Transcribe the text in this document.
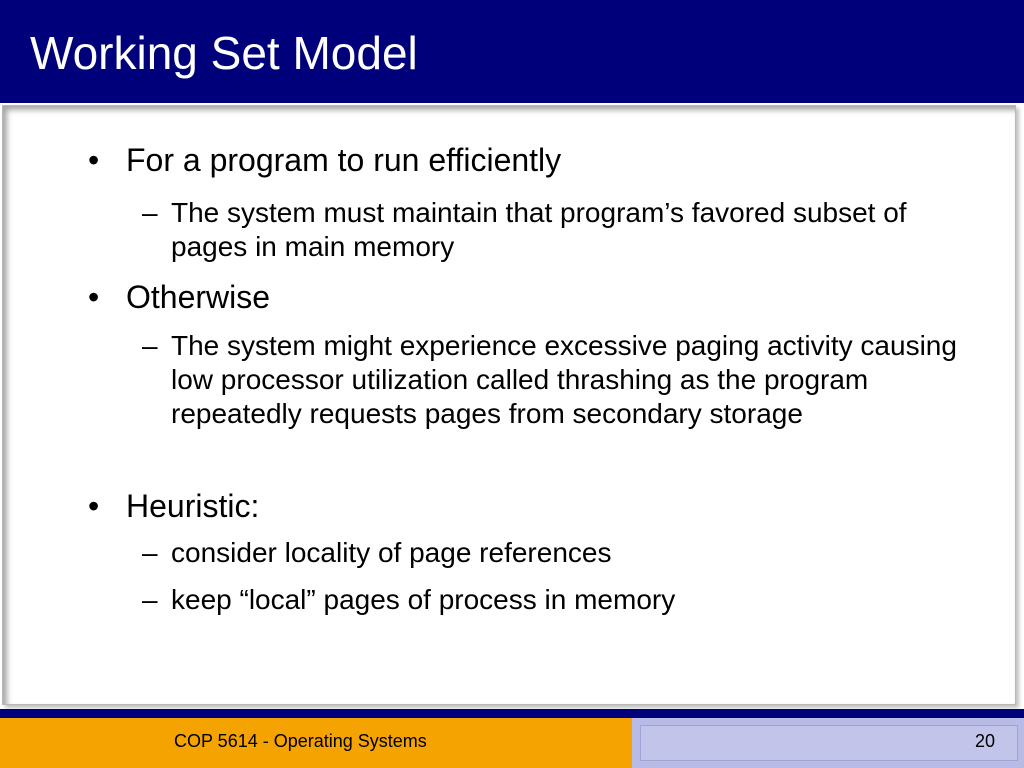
Working Set Model
• For a program to run efficiently
– The system must maintain that program’s favored subset of pages in main memory
• Otherwise
– The system might experience excessive paging activity causing low processor utilization called thrashing as the program repeatedly requests pages from secondary storage
• Heuristic:
– consider locality of page references
– keep “local” pages of process in memory
COP 5614 - Operating Systems	20
